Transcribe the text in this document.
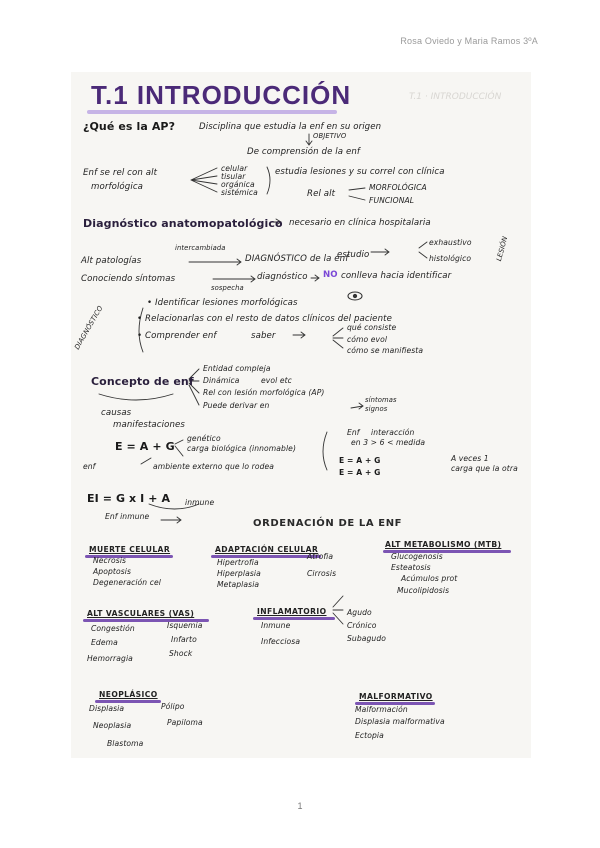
Rosa Oviedo y Maria Ramos 3ºA
T.1 · INTRODUCCIÓN
T.1 INTRODUCCIÓN
¿Qué es la AP?	Disciplina que estudia la enf en su origen
OBJETIVO
De comprensión de la enf
Enf se rel con alt
morfológica
celular
tisular
orgánica
sistémica
estudia lesiones y su correl con clínica
Rel alt
MORFOLÓGICA
FUNCIONAL
Diagnóstico anatomopatológico necesario en clínica hospitalaria
intercambiada
Alt patologías	DIAGNÓSTICO de la enf
estudio
exhaustivo
histológico	LESIÓN
Conociendo síntomas
sospecha
diagnóstico NO conlleva hacia identificar
DIAGNÓSTICO
• Identificar lesiones morfológicas
• Relacionarlas con el resto de datos clínicos del paciente
• Comprender enf	saber
qué consiste
cómo evol
cómo se manifiesta
Concepto de enf
Entidad compleja
Dinámica	evol etc
Rel con lesión morfológica (AP)
Puede derivar en
síntomas
signos
causas
manifestaciones
E = A + G
genético
carga biológica (innomable)
enf	ambiente externo que lo rodea
Enf interacción
en 3 > 6 < medida
E = A + G
E = A + G
A veces 1
carga que la otra
EI = G x I + A inmune
Enf inmune
ORDENACIÓN DE LA ENF
MUERTE CELULAR
Necrosis
Apoptosis
Degeneración cel
ADAPTACIÓN CELULAR
Hipertrofia
Hiperplasia
Metaplasia
Atrofia
Cirrosis
ALT METABOLISMO (MTB)
Glucogenosis
Esteatosis
Acúmulos prot
Mucolipidosis
ALT VASCULARES (VAS)
Congestión
Edema
Hemorragia
Isquemia
Infarto
Shock
INFLAMATORIO
Inmune
Infecciosa
Agudo
Crónico
Subagudo
NEOPLÁSICO
Displasia
Neoplasia
Blastoma
Pólipo
Papiloma
MALFORMATIVO
Malformación
Displasia malformativa
Ectopia
1
